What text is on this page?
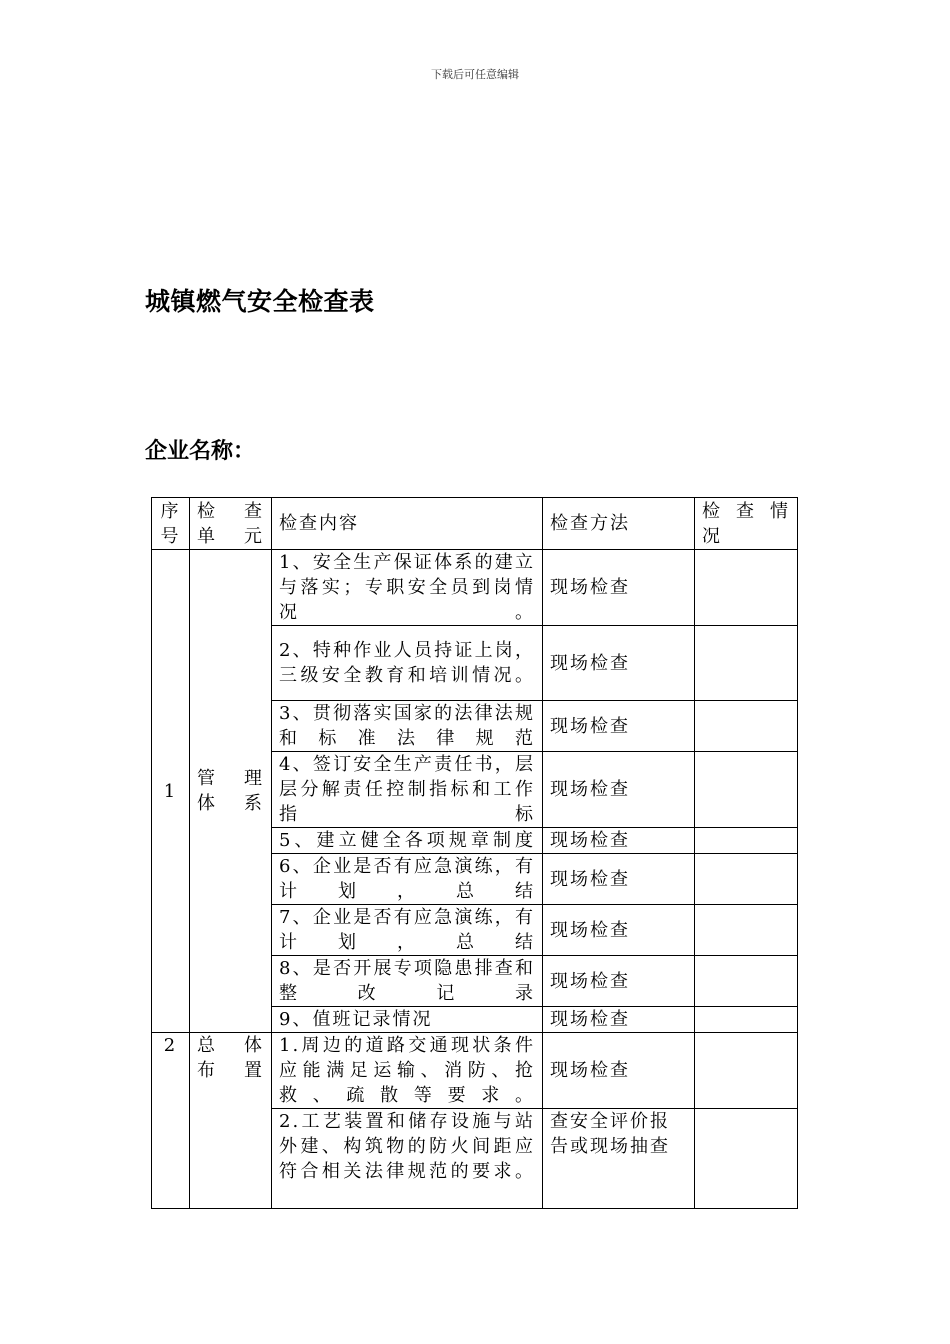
下载后可任意编辑
城镇燃气安全检查表
企业名称：
序号	检 查 单元	检查内容	检查方法	检 查 情况
1	管 理 体系	1、安全生产保证体系的建立与落实；专职安全员到岗情况。	现场检查	
		2、特种作业人员持证上岗，三级安全教育和培训情况。	现场检查	
		3、贯彻落实国家的法律法规和标准法律规范	现场检查	
		4、签订安全生产责任书，层层分解责任控制指标和工作指标	现场检查	
		5、建立健全各项规章制度	现场检查	
		6、企业是否有应急演练，有计划，总结	现场检查	
		7、企业是否有应急演练，有计划，总结	现场检查	
		8、是否开展专项隐患排查和整改记录	现场检查	
		9、值班记录情况	现场检查	
2	总 体 布置	1.周边的道路交通现状条件应能满足运输、消防、抢救、疏散等要求。	现场检查	
		2.工艺装置和储存设施与站外建、构筑物的防火间距应符合相关法律规范的要求。	查安全评价报告或现场抽查	
